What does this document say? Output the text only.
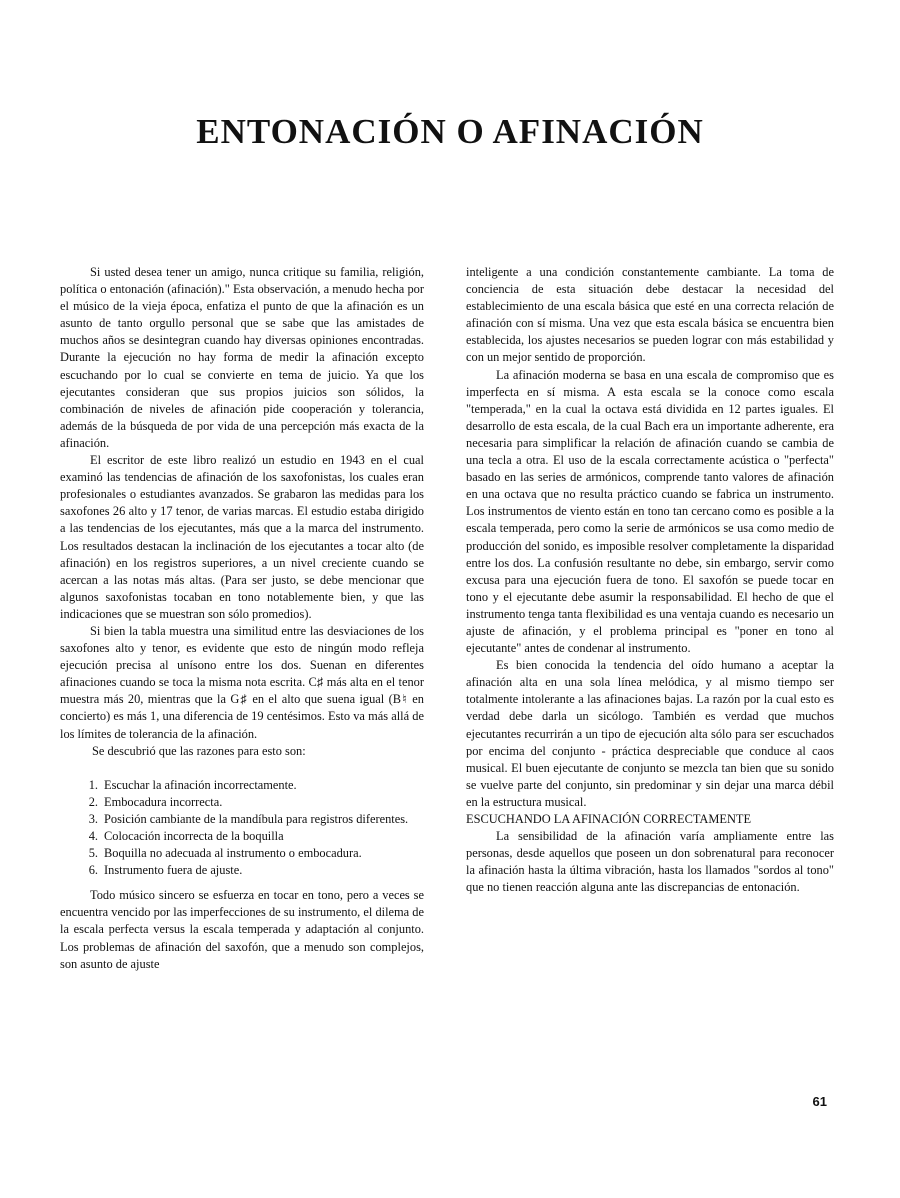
ENTONACIÓN O AFINACIÓN

Si usted desea tener un amigo, nunca critique su familia, religión, política o entonación (afinación)." Esta observación, a menudo hecha por el músico de la vieja época, enfatiza el punto de que la afinación es un asunto de tanto orgullo personal que se sabe que las amistades de muchos años se desintegran cuando hay diversas opiniones encontradas. Durante la ejecución no hay forma de medir la afinación excepto escuchando por lo cual se convierte en tema de juicio. Ya que los ejecutantes consideran que sus propios juicios son sólidos, la combinación de niveles de afinación pide cooperación y tolerancia, además de la búsqueda de por vida de una percepción más exacta de la afinación.

El escritor de este libro realizó un estudio en 1943 en el cual examinó las tendencias de afinación de los saxofonistas, los cuales eran profesionales o estudiantes avanzados. Se grabaron las medidas para los saxofones 26 alto y 17 tenor, de varias marcas. El estudio estaba dirigido a las tendencias de los ejecutantes, más que a la marca del instrumento. Los resultados destacan la inclinación de los ejecutantes a tocar alto (de afinación) en los registros superiores, a un nivel creciente cuando se acercan a las notas más altas. (Para ser justo, se debe mencionar que algunos saxofonistas tocaban en tono notablemente bien, y que las indicaciones que se muestran son sólo promedios).

Si bien la tabla muestra una similitud entre las desviaciones de los saxofones alto y tenor, es evidente que esto de ningún modo refleja ejecución precisa al unísono entre los dos. Suenan en diferentes afinaciones cuando se toca la misma nota escrita. C♯ más alta en el tenor muestra más 20, mientras que la G♯ en el alto que suena igual (B♮ en concierto) es más 1, una diferencia de 19 centésimos. Esto va más allá de los límites de tolerancia de la afinación.

Se descubrió que las razones para esto son:

1. Escuchar la afinación incorrectamente.
2. Embocadura incorrecta.
3. Posición cambiante de la mandíbula para registros diferentes.
4. Colocación incorrecta de la boquilla
5. Boquilla no adecuada al instrumento o embocadura.
6. Instrumento fuera de ajuste.

Todo músico sincero se esfuerza en tocar en tono, pero a veces se encuentra vencido por las imperfecciones de su instrumento, el dilema de la escala perfecta versus la escala temperada y adaptación al conjunto. Los problemas de afinación del saxofón, que a menudo son complejos, son asunto de ajuste

inteligente a una condición constantemente cambiante. La toma de conciencia de esta situación debe destacar la necesidad del establecimiento de una escala básica que esté en una correcta relación de afinación con sí misma. Una vez que esta escala básica se encuentra bien establecida, los ajustes necesarios se pueden lograr con más estabilidad y con un mejor sentido de proporción.

La afinación moderna se basa en una escala de compromiso que es imperfecta en sí misma. A esta escala se la conoce como escala "temperada," en la cual la octava está dividida en 12 partes iguales. El desarrollo de esta escala, de la cual Bach era un importante adherente, era necesaria para simplificar la relación de afinación cuando se cambia de una tecla a otra. El uso de la escala correctamente acústica o "perfecta" basado en las series de armónicos, comprende tanto valores de afinación en una octava que no resulta práctico cuando se fabrica un instrumento. Los instrumentos de viento están en tono tan cercano como es posible a la escala temperada, pero como la serie de armónicos se usa como medio de producción del sonido, es imposible resolver completamente la disparidad entre los dos. La confusión resultante no debe, sin embargo, servir como excusa para una ejecución fuera de tono. El saxofón se puede tocar en tono y el ejecutante debe asumir la responsabilidad. El hecho de que el instrumento tenga tanta flexibilidad es una ventaja cuando es necesario un ajuste de afinación, y el problema principal es "poner en tono al ejecutante" antes de condenar al instrumento.

Es bien conocida la tendencia del oído humano a aceptar la afinación alta en una sola línea melódica, y al mismo tiempo ser totalmente intolerante a las afinaciones bajas. La razón por la cual esto es verdad debe darla un sicólogo. También es verdad que muchos ejecutantes recurrirán a un tipo de ejecución alta sólo para ser escuchados por encima del conjunto - práctica despreciable que conduce al caos musical. El buen ejecutante de conjunto se mezcla tan bien que su sonido se vuelve parte del conjunto, sin predominar y sin dejar una marca débil en la estructura musical.

ESCUCHANDO LA AFINACIÓN CORRECTAMENTE

La sensibilidad de la afinación varía ampliamente entre las personas, desde aquellos que poseen un don sobrenatural para reconocer la afinación hasta la última vibración, hasta los llamados "sordos al tono" que no tienen reacción alguna ante las discrepancias de entonación.

61
